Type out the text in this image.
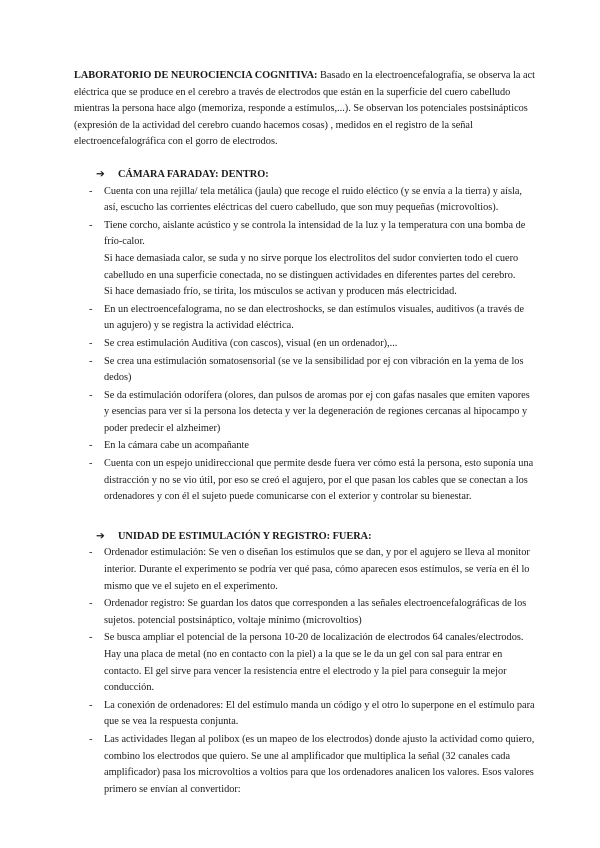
LABORATORIO DE NEUROCIENCIA COGNITIVA: Basado en la electroencefalografía, se observa la act eléctrica que se produce en el cerebro a través de electrodos que están en la superficie del cuero cabelludo mientras la persona hace algo (memoriza, responde a estímulos,...). Se observan los potenciales postsinápticos (expresión de la actividad del cerebro cuando hacemos cosas) , medidos en el registro de la señal electroencefalográfica con el gorro de electrodos.

➔	CÁMARA FARADAY: DENTRO:
- Cuenta con una rejilla/ tela metálica (jaula) que recoge el ruido eléctico (y se envía a la tierra) y aísla, así, escucho las corrientes eléctricas del cuero cabelludo, que son muy pequeñas (microvoltios).

- Tiene corcho, aislante acústico y se controla la intensidad de la luz y la temperatura con una bomba de frío-calor.

Si hace demasiada calor, se suda y no sirve porque los electrolitos del sudor convierten todo el cuero cabelludo en una superficie conectada, no se distinguen actividades en diferentes partes del cerebro.

Si hace demasiado frío, se tirita, los músculos se activan y producen más electricidad.

- En un electroencefalograma, no se dan electroshocks, se dan estímulos visuales, auditivos (a través de un agujero) y se registra la actividad eléctrica.

- Se crea estimulación Auditiva (con cascos), visual (en un ordenador),...

- Se crea una estimulación somatosensorial (se ve la sensibilidad por ej con vibración en la yema de los dedos)

- Se da estimulación odorífera (olores, dan pulsos de aromas por ej con gafas nasales que emiten vapores y esencias para ver si la persona los detecta y ver la degeneración de regiones cercanas al hipocampo y poder predecir el alzheimer)

- En la cámara cabe un acompañante

- Cuenta con un espejo unidireccional que permite desde fuera ver cómo está la persona, esto suponía una distracción y no se vio útil, por eso se creó el agujero, por el que pasan los cables que se conectan a los ordenadores y con él el sujeto puede comunicarse con el exterior y controlar su bienestar.

➔	UNIDAD DE ESTIMULACIÓN Y REGISTRO: FUERA:
- Ordenador estimulación: Se ven o diseñan los estímulos que se dan, y por el agujero se lleva al monitor interior. Durante el experimento se podría ver qué pasa, cómo aparecen esos estímulos, se vería en él lo mismo que ve el sujeto en el experimento.

- Ordenador registro: Se guardan los datos que corresponden a las señales electroencefalográficas de los sujetos. potencial postsináptico, voltaje mínimo (microvoltios)

- Se busca ampliar el potencial de la persona 10-20 de localización de electrodos 64 canales/electrodos. Hay una placa de metal (no en contacto con la piel) a la que se le da un gel con sal para entrar en contacto. El gel sirve para vencer la resistencia entre el electrodo y la piel para conseguir la mejor conducción.

- La conexión de ordenadores: El del estímulo manda un código y el otro lo superpone en el estímulo para que se vea la respuesta conjunta.

- Las actividades llegan al polibox (es un mapeo de los electrodos) donde ajusto la actividad como quiero, combino los electrodos que quiero. Se une al amplificador que multiplica la señal (32 canales cada amplificador) pasa los microvoltios a voltios para que los ordenadores analicen los valores. Esos valores primero se envían al convertidor:
